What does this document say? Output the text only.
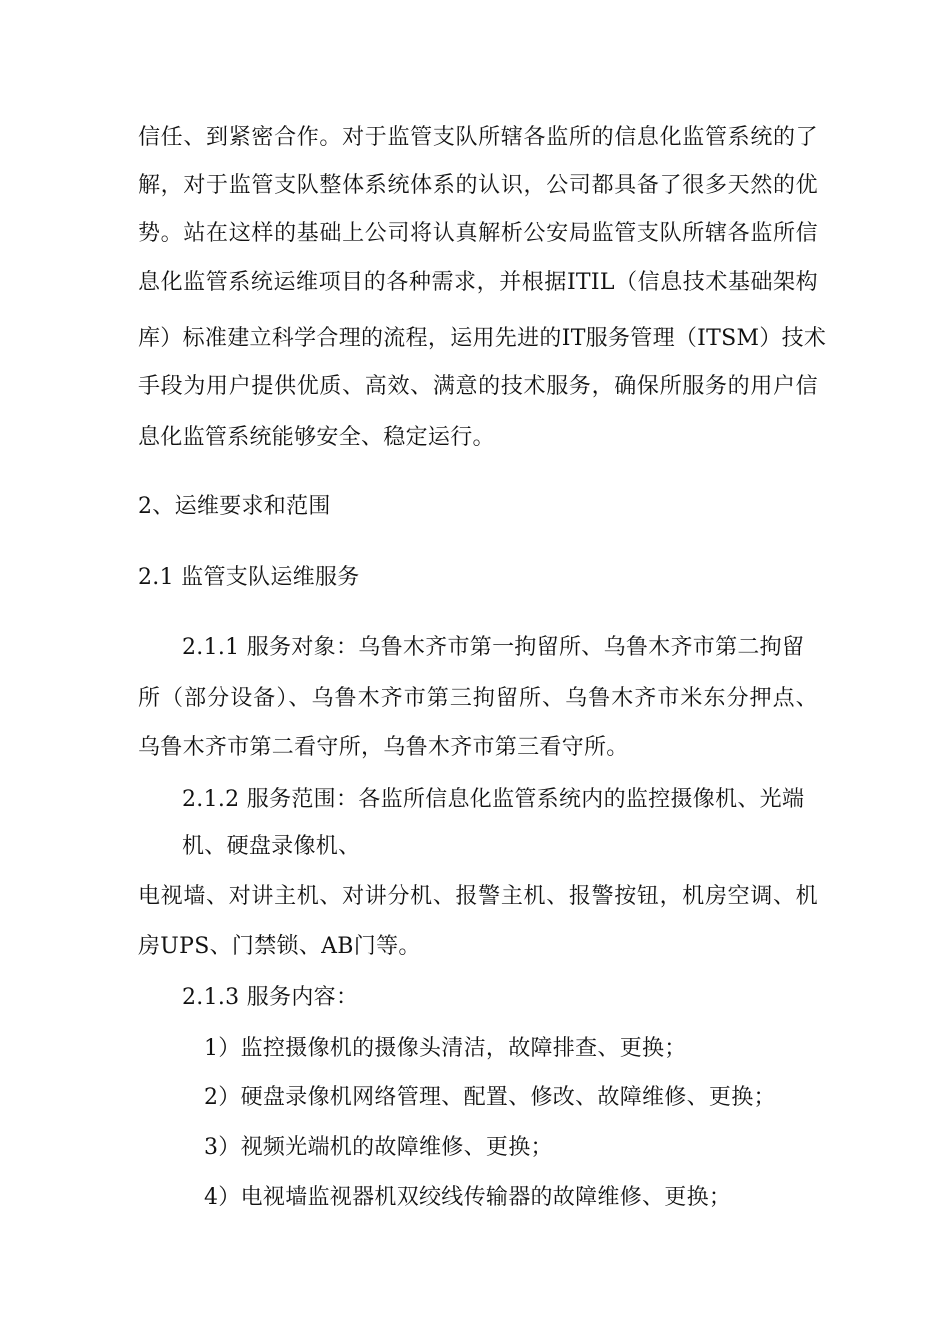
信任、到紧密合作。对于监管支队所辖各监所的信息化监管系统的了
解，对于监管支队整体系统体系的认识，公司都具备了很多天然的优
势。站在这样的基础上公司将认真解析公安局监管支队所辖各监所信
息化监管系统运维项目的各种需求，并根据ITIL（信息技术基础架构
库）标准建立科学合理的流程，运用先进的IT服务管理（ITSM）技术
手段为用户提供优质、高效、满意的技术服务，确保所服务的用户信
息化监管系统能够安全、稳定运行。
2、运维要求和范围
2.1 监管支队运维服务
2.1.1 服务对象：乌鲁木齐市第一拘留所、乌鲁木齐市第二拘留
所（部分设备）、乌鲁木齐市第三拘留所、乌鲁木齐市米东分押点、
乌鲁木齐市第二看守所，乌鲁木齐市第三看守所。
2.1.2 服务范围：各监所信息化监管系统内的监控摄像机、光端
机、硬盘录像机、
电视墙、对讲主机、对讲分机、报警主机、报警按钮，机房空调、机
房UPS、门禁锁、AB门等。
2.1.3 服务内容：
1）监控摄像机的摄像头清洁，故障排查、更换；
2）硬盘录像机网络管理、配置、修改、故障维修、更换；
3）视频光端机的故障维修、更换；
4）电视墙监视器机双绞线传输器的故障维修、更换；
